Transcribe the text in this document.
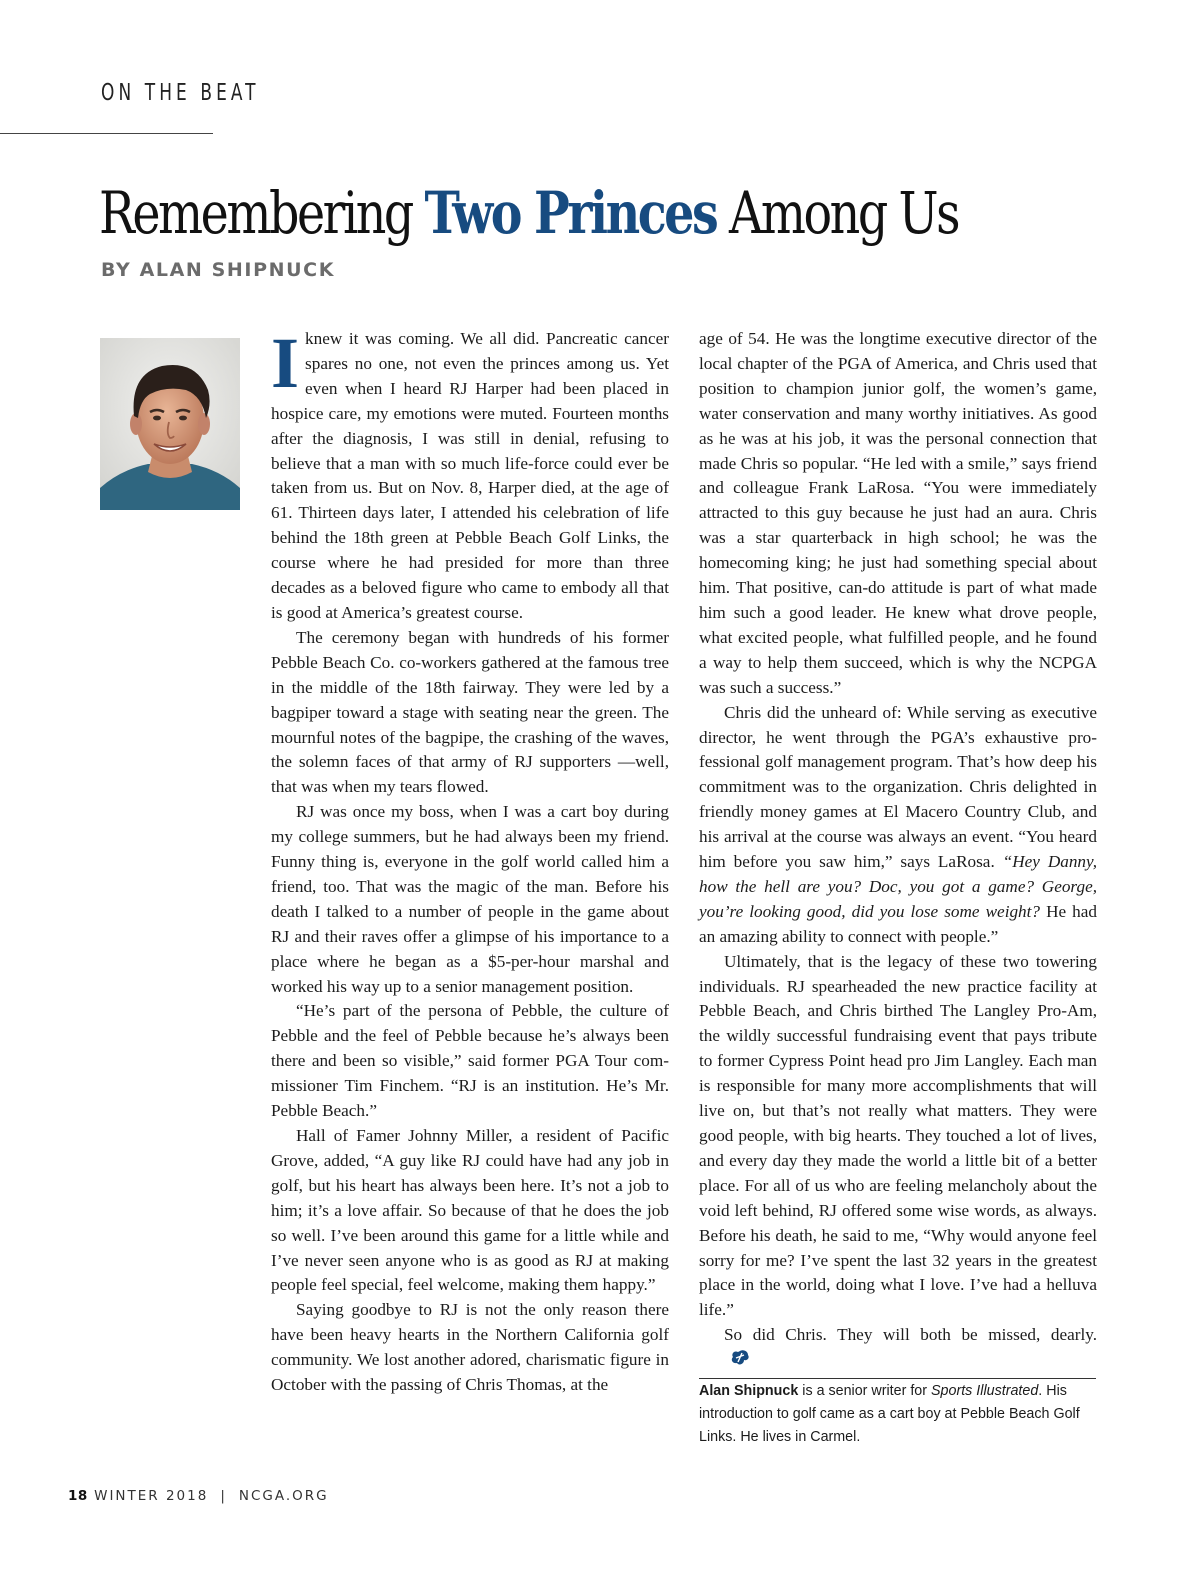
ON THE BEAT
Remembering Two Princes Among Us
BY ALAN SHIPNUCK

Iknew it was coming. We all did. Pancreatic cancer spares no one, not even the princes among us. Yet even when I heard RJ Harper had been placed in hospice care, my emotions were muted. Fourteen months after the diagnosis, I was still in denial, refusing to believe that a man with so much life-force could ever be taken from us. But on Nov. 8, Harper died, at the age of 61. Thirteen days later, I attended his celebration of life behind the 18th green at Pebble Beach Golf Links, the course where he had presided for more than three decades as a beloved figure who came to embody all that is good at America’s greatest course.

The ceremony began with hundreds of his former Pebble Beach Co. co-workers gathered at the famous tree in the middle of the 18th fairway. They were led by a bagpiper toward a stage with seating near the green. The mournful notes of the bagpipe, the crashing of the waves, the solemn faces of that army of RJ supporters —well, that was when my tears flowed.

RJ was once my boss, when I was a cart boy during my college summers, but he had always been my friend. Funny thing is, everyone in the golf world called him a friend, too. That was the magic of the man. Before his death I talked to a number of people in the game about RJ and their raves offer a glimpse of his importance to a place where he began as a $5-per-hour marshal and worked his way up to a senior management position.

“He’s part of the persona of Pebble, the culture of Pebble and the feel of Pebble because he’s always been there and been so visible,” said former PGA Tour commissioner Tim Finchem. “RJ is an institution. He’s Mr. Pebble Beach.”

Hall of Famer Johnny Miller, a resident of Pacific Grove, added, “A guy like RJ could have had any job in golf, but his heart has always been here. It’s not a job to him; it’s a love affair. So because of that he does the job so well. I’ve been around this game for a little while and I’ve never seen anyone who is as good as RJ at making people feel special, feel welcome, making them happy.”

Saying goodbye to RJ is not the only reason there have been heavy hearts in the Northern California golf community. We lost another adored, charismatic figure in October with the passing of Chris Thomas, at the

age of 54. He was the longtime executive director of the local chapter of the PGA of America, and Chris used that position to champion junior golf, the women’s game, water conservation and many worthy initiatives. As good as he was at his job, it was the personal connection that made Chris so popular. “He led with a smile,” says friend and colleague Frank LaRosa. “You were immediately attracted to this guy because he just had an aura. Chris was a star quarterback in high school; he was the homecoming king; he just had something special about him. That positive, can-do attitude is part of what made him such a good leader. He knew what drove people, what excited people, what fulfilled people, and he found a way to help them succeed, which is why the NCPGA was such a success.”

Chris did the unheard of: While serving as executive director, he went through the PGA’s exhaustive professional golf management program. That’s how deep his commitment was to the organization. Chris delighted in friendly money games at El Macero Country Club, and his arrival at the course was always an event. “You heard him before you saw him,” says LaRosa. “Hey Danny, how the hell are you? Doc, you got a game? George, you’re looking good, did you lose some weight? He had an amazing ability to connect with people.”

Ultimately, that is the legacy of these two towering individuals. RJ spearheaded the new practice facility at Pebble Beach, and Chris birthed The Langley Pro-Am, the wildly successful fundraising event that pays tribute to former Cypress Point head pro Jim Langley. Each man is responsible for many more accomplishments that will live on, but that’s not really what matters. They were good people, with big hearts. They touched a lot of lives, and every day they made the world a little bit of a better place. For all of us who are feeling melancholy about the void left behind, RJ offered some wise words, as always. Before his death, he said to me, “Why would anyone feel sorry for me? I’ve spent the last 32 years in the greatest place in the world, doing what I love. I’ve had a helluva life.”

So did Chris. They will both be missed, dearly.

Alan Shipnuck is a senior writer for Sports Illustrated. His introduction to golf came as a cart boy at Pebble Beach Golf Links. He lives in Carmel.
18 WINTER 2018 | NCGA.ORG
